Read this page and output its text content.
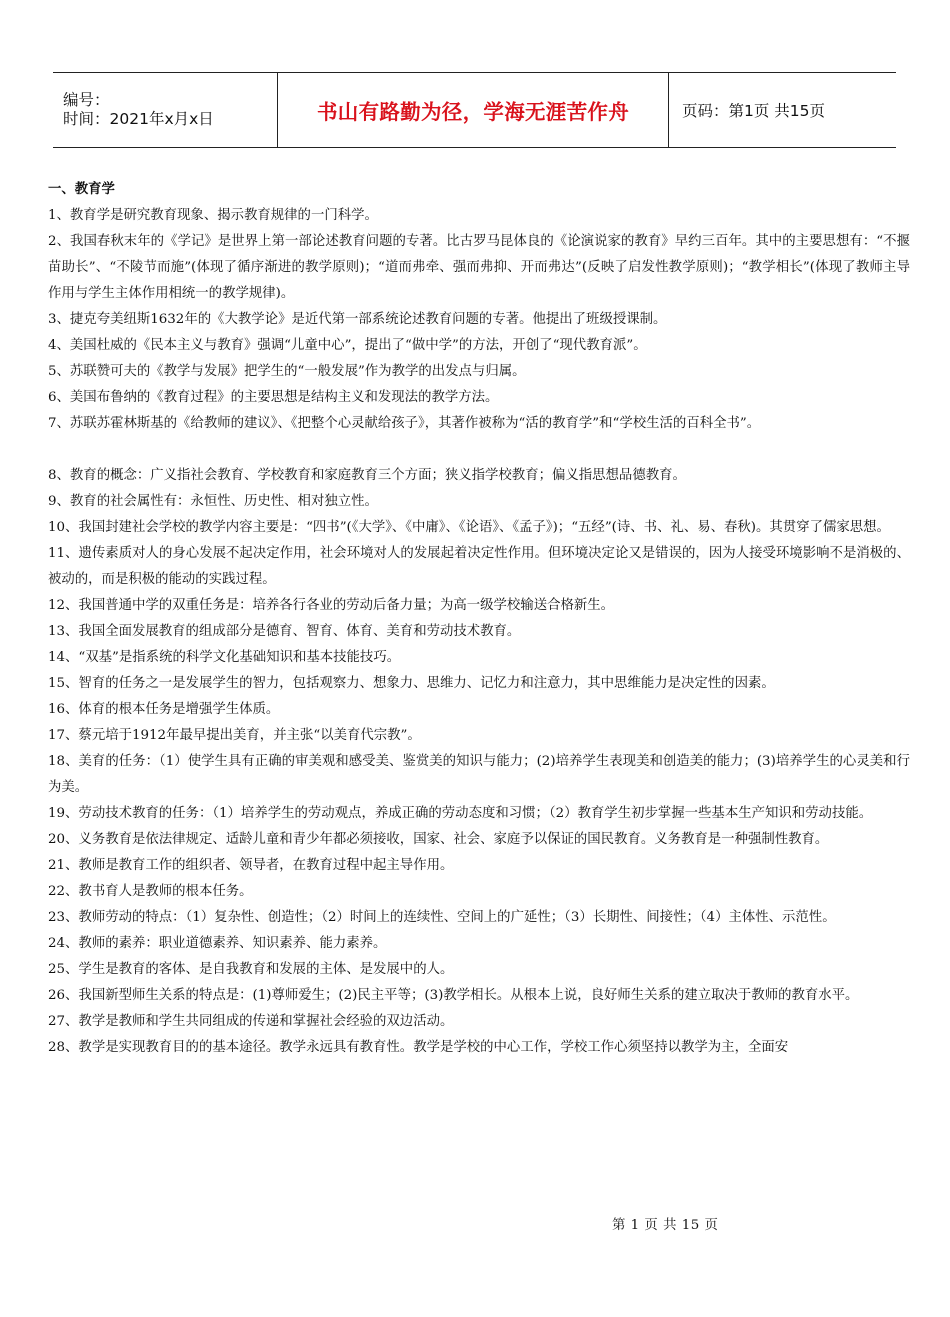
编号：
时间：2021年x月x日	书山有路勤为径，学海无涯苦作舟	页码：第1页 共15页
一、教育学

1、教育学是研究教育现象、揭示教育规律的一门科学。

2、我国春秋末年的《学记》是世界上第一部论述教育问题的专著。比古罗马昆体良的《论演说家的教育》早约三百年。其中的主要思想有：“不揠苗助长”、“不陵节而施”(体现了循序渐进的教学原则)；“道而弗牵、强而弗抑、开而弗达”(反映了启发性教学原则)；“教学相长”(体现了教师主导作用与学生主体作用相统一的教学规律)。

3、捷克夸美纽斯1632年的《大教学论》是近代第一部系统论述教育问题的专著。他提出了班级授课制。

4、美国杜威的《民本主义与教育》强调“儿童中心”，提出了“做中学”的方法，开创了“现代教育派”。

5、苏联赞可夫的《教学与发展》把学生的“一般发展”作为教学的出发点与归属。

6、美国布鲁纳的《教育过程》的主要思想是结构主义和发现法的教学方法。

7、苏联苏霍林斯基的《给教师的建议》、《把整个心灵献给孩子》，其著作被称为“活的教育学”和“学校生活的百科全书”。

8、教育的概念：广义指社会教育、学校教育和家庭教育三个方面；狭义指学校教育；偏义指思想品德教育。

9、教育的社会属性有：永恒性、历史性、相对独立性。

10、我国封建社会学校的教学内容主要是：“四书”(《大学》、《中庸》、《论语》、《孟子》)；“五经”(诗、书、礼、易、春秋)。其贯穿了儒家思想。

11、遗传素质对人的身心发展不起决定作用，社会环境对人的发展起着决定性作用。但环境决定论又是错误的，因为人接受环境影响不是消极的、被动的，而是积极的能动的实践过程。

12、我国普通中学的双重任务是：培养各行各业的劳动后备力量；为高一级学校输送合格新生。

13、我国全面发展教育的组成部分是德育、智育、体育、美育和劳动技术教育。

14、“双基”是指系统的科学文化基础知识和基本技能技巧。

15、智育的任务之一是发展学生的智力，包括观察力、想象力、思维力、记忆力和注意力，其中思维能力是决定性的因素。

16、体育的根本任务是增强学生体质。

17、蔡元培于1912年最早提出美育，并主张“以美育代宗教”。

18、美育的任务：（1）使学生具有正确的审美观和感受美、鉴赏美的知识与能力；(2)培养学生表现美和创造美的能力；(3)培养学生的心灵美和行为美。

19、劳动技术教育的任务：（1）培养学生的劳动观点，养成正确的劳动态度和习惯；（2）教育学生初步掌握一些基本生产知识和劳动技能。

20、义务教育是依法律规定、适龄儿童和青少年都必须接收，国家、社会、家庭予以保证的国民教育。义务教育是一种强制性教育。

21、教师是教育工作的组织者、领导者，在教育过程中起主导作用。

22、教书育人是教师的根本任务。

23、教师劳动的特点：（1）复杂性、创造性；（2）时间上的连续性、空间上的广延性；（3）长期性、间接性；（4）主体性、示范性。

24、教师的素养：职业道德素养、知识素养、能力素养。

25、学生是教育的客体、是自我教育和发展的主体、是发展中的人。

26、我国新型师生关系的特点是：(1)尊师爱生；(2)民主平等；(3)教学相长。从根本上说，良好师生关系的建立取决于教师的教育水平。

27、教学是教师和学生共同组成的传递和掌握社会经验的双边活动。

28、教学是实现教育目的的基本途径。教学永远具有教育性。教学是学校的中心工作，学校工作心须坚持以教学为主，全面安

第 1 页 共 15 页
